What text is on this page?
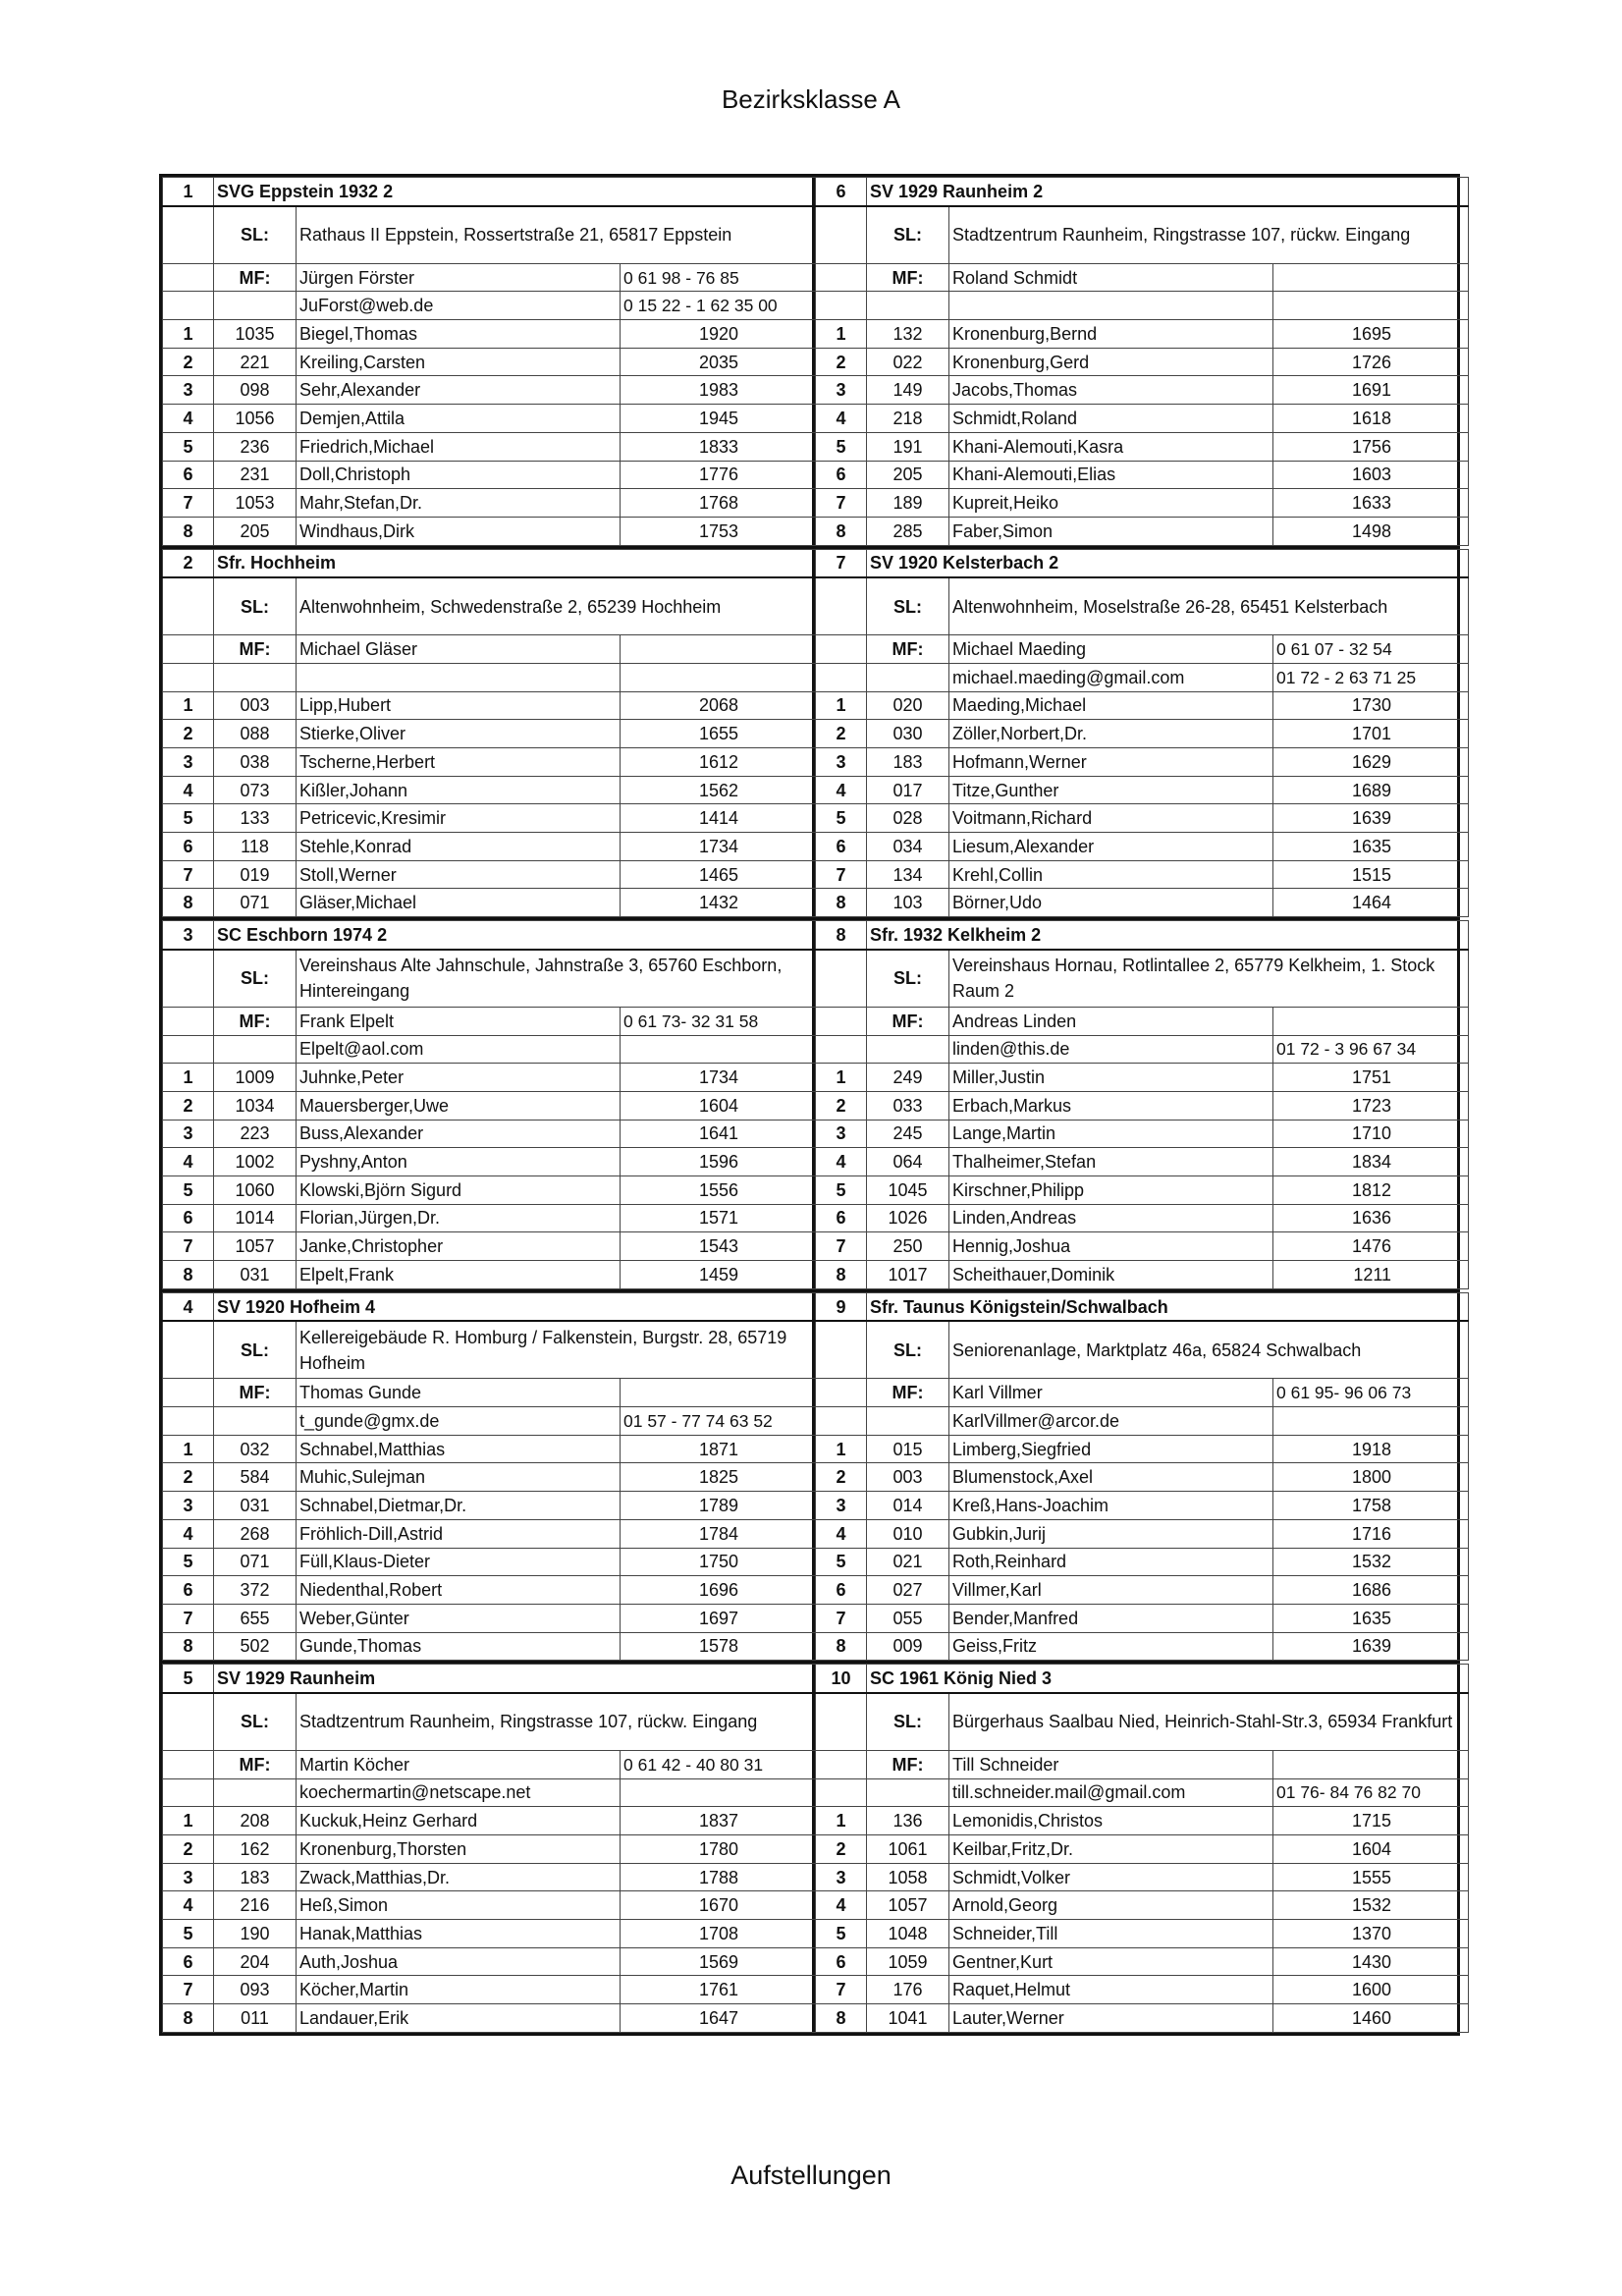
Bezirksklasse A
1	SVG Eppstein 1932 2		
	SL:	Rathaus II Eppstein, Rossertstraße 21, 65817 Eppstein	
	MF:	Jürgen Förster	0 61 98 - 76 85
		JuForst@web.de	0 15 22 - 1 62 35 00
1	1035	Biegel,Thomas	1920
2	221	Kreiling,Carsten	2035
3	098	Sehr,Alexander	1983
4	1056	Demjen,Attila	1945
5	236	Friedrich,Michael	1833
6	231	Doll,Christoph	1776
7	1053	Mahr,Stefan,Dr.	1768
8	205	Windhaus,Dirk	1753
6	SV 1929 Raunheim 2		
	SL:	Stadtzentrum Raunheim, Ringstrasse 107, rückw. Eingang	
	MF:	Roland Schmidt	

1	132	Kronenburg,Bernd	1695
2	022	Kronenburg,Gerd	1726
3	149	Jacobs,Thomas	1691
4	218	Schmidt,Roland	1618
5	191	Khani-Alemouti,Kasra	1756
6	205	Khani-Alemouti,Elias	1603
7	189	Kupreit,Heiko	1633
8	285	Faber,Simon	1498
2	Sfr. Hochheim		
	SL:	Altenwohnheim, Schwedenstraße 2, 65239 Hochheim	
	MF:	Michael Gläser	

1	003	Lipp,Hubert	2068
2	088	Stierke,Oliver	1655
3	038	Tscherne,Herbert	1612
4	073	Kißler,Johann	1562
5	133	Petricevic,Kresimir	1414
6	118	Stehle,Konrad	1734
7	019	Stoll,Werner	1465
8	071	Gläser,Michael	1432
7	SV 1920 Kelsterbach 2		
	SL:	Altenwohnheim, Moselstraße 26-28, 65451 Kelsterbach	
	MF:	Michael Maeding	0 61 07 - 32 54
		michael.maeding@gmail.com	01 72 - 2 63 71 25
1	020	Maeding,Michael	1730
2	030	Zöller,Norbert,Dr.	1701
3	183	Hofmann,Werner	1629
4	017	Titze,Gunther	1689
5	028	Voitmann,Richard	1639
6	034	Liesum,Alexander	1635
7	134	Krehl,Collin	1515
8	103	Börner,Udo	1464
3	SC Eschborn 1974 2		
	SL:	Vereinshaus Alte Jahnschule, Jahnstraße 3, 65760 Eschborn, Hintereingang	
	MF:	Frank Elpelt	0 61 73- 32 31 58
		Elpelt@aol.com	
1	1009	Juhnke,Peter	1734
2	1034	Mauersberger,Uwe	1604
3	223	Buss,Alexander	1641
4	1002	Pyshny,Anton	1596
5	1060	Klowski,Björn Sigurd	1556
6	1014	Florian,Jürgen,Dr.	1571
7	1057	Janke,Christopher	1543
8	031	Elpelt,Frank	1459
8	Sfr. 1932 Kelkheim 2		
	SL:	Vereinshaus Hornau, Rotlintallee 2, 65779 Kelkheim, 1. Stock Raum 2	
	MF:	Andreas Linden	
		linden@this.de	01 72 - 3 96 67 34
1	249	Miller,Justin	1751
2	033	Erbach,Markus	1723
3	245	Lange,Martin	1710
4	064	Thalheimer,Stefan	1834
5	1045	Kirschner,Philipp	1812
6	1026	Linden,Andreas	1636
7	250	Hennig,Joshua	1476
8	1017	Scheithauer,Dominik	1211
4	SV 1920 Hofheim 4		
	SL:	Kellereigebäude R. Homburg / Falkenstein, Burgstr. 28, 65719 Hofheim	
	MF:	Thomas Gunde	
		t_gunde@gmx.de	01 57 - 77 74 63 52
1	032	Schnabel,Matthias	1871
2	584	Muhic,Sulejman	1825
3	031	Schnabel,Dietmar,Dr.	1789
4	268	Fröhlich-Dill,Astrid	1784
5	071	Füll,Klaus-Dieter	1750
6	372	Niedenthal,Robert	1696
7	655	Weber,Günter	1697
8	502	Gunde,Thomas	1578
9	Sfr. Taunus Königstein/Schwalbach		
	SL:	Seniorenanlage, Marktplatz 46a, 65824 Schwalbach	
	MF:	Karl Villmer	0 61 95- 96 06 73
		KarlVillmer@arcor.de	
1	015	Limberg,Siegfried	1918
2	003	Blumenstock,Axel	1800
3	014	Kreß,Hans-Joachim	1758
4	010	Gubkin,Jurij	1716
5	021	Roth,Reinhard	1532
6	027	Villmer,Karl	1686
7	055	Bender,Manfred	1635
8	009	Geiss,Fritz	1639
5	SV 1929 Raunheim		
	SL:	Stadtzentrum Raunheim, Ringstrasse 107, rückw. Eingang	
	MF:	Martin Köcher	0 61 42 - 40 80 31
		koechermartin@netscape.net	
1	208	Kuckuk,Heinz Gerhard	1837
2	162	Kronenburg,Thorsten	1780
3	183	Zwack,Matthias,Dr.	1788
4	216	Heß,Simon	1670
5	190	Hanak,Matthias	1708
6	204	Auth,Joshua	1569
7	093	Köcher,Martin	1761
8	011	Landauer,Erik	1647
10	SC 1961 König Nied 3		
	SL:	Bürgerhaus Saalbau Nied, Heinrich-Stahl-Str.3, 65934 Frankfurt	
	MF:	Till Schneider	
		till.schneider.mail@gmail.com	01 76- 84 76 82 70
1	136	Lemonidis,Christos	1715
2	1061	Keilbar,Fritz,Dr.	1604
3	1058	Schmidt,Volker	1555
4	1057	Arnold,Georg	1532
5	1048	Schneider,Till	1370
6	1059	Gentner,Kurt	1430
7	176	Raquet,Helmut	1600
8	1041	Lauter,Werner	1460
Aufstellungen
